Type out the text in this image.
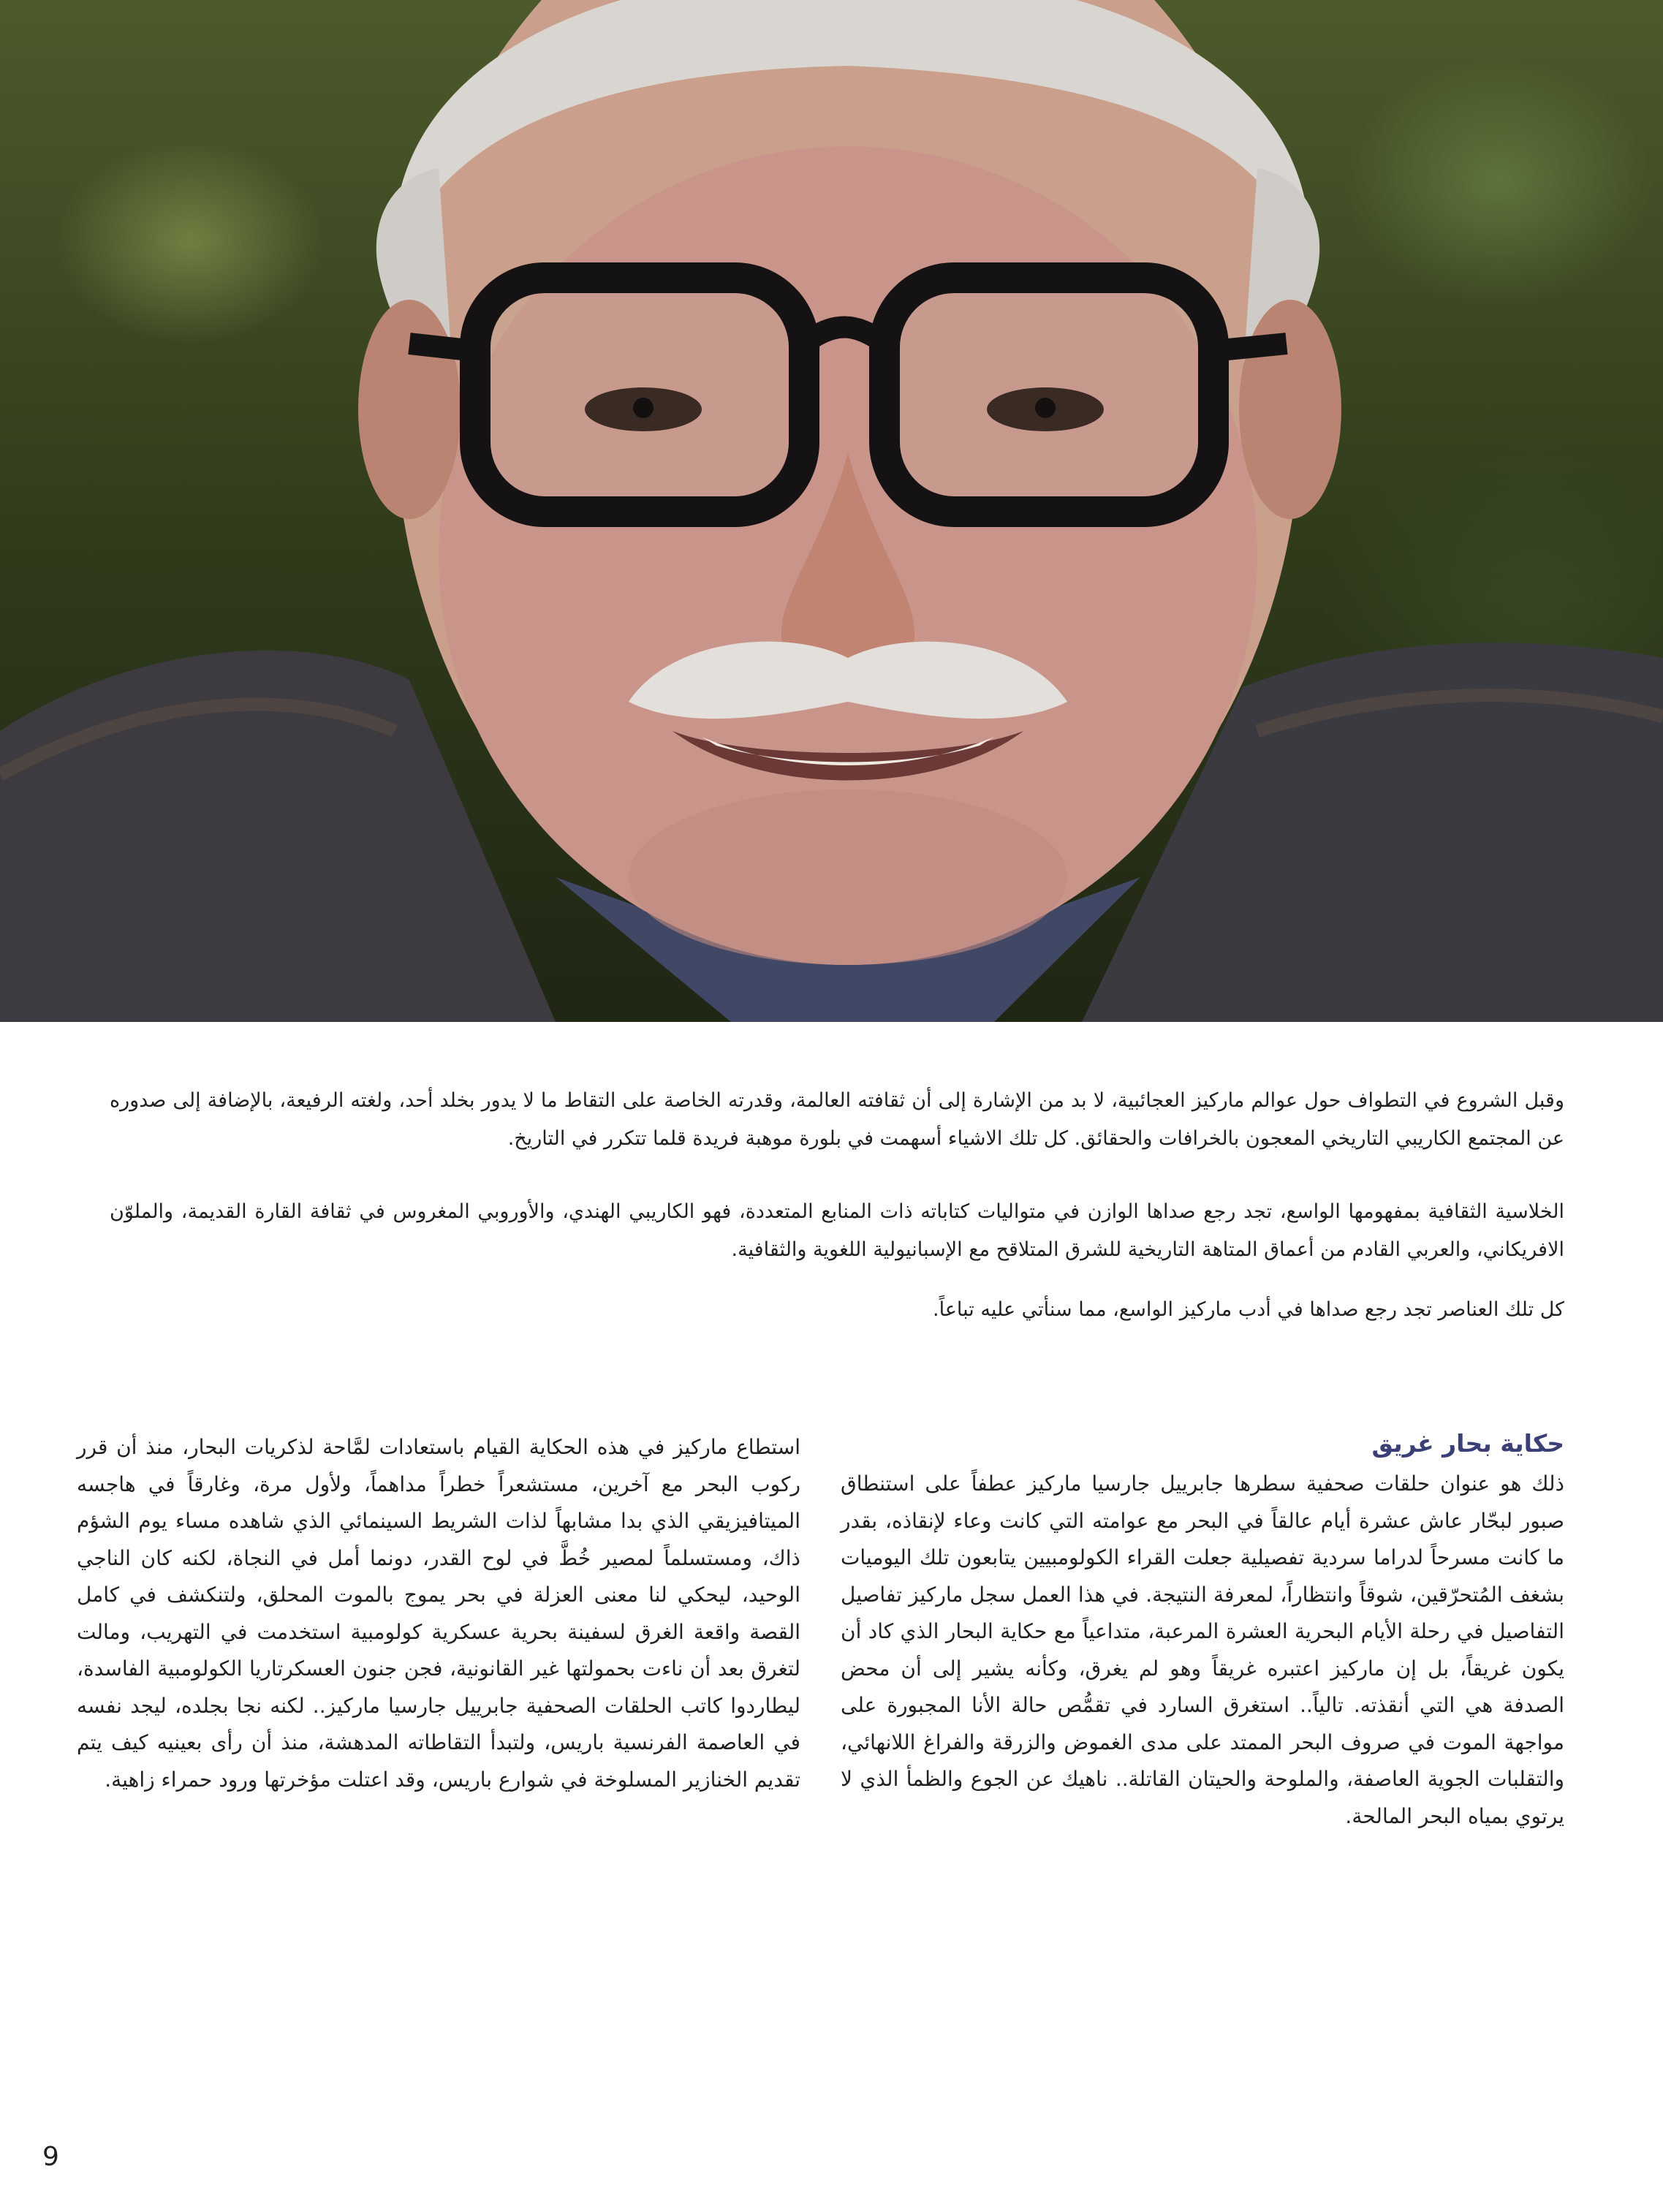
وقبل الشروع في التطواف حول عوالم ماركيز العجائبية، لا بد من الإشارة إلى أن ثقافته العالمة، وقدرته الخاصة على التقاط ما لا يدور بخلد أحد، ولغته الرفيعة، بالإضافة إلى صدوره عن المجتمع الكاريبي التاريخي المعجون بالخرافات والحقائق. كل تلك الاشياء أسهمت في بلورة موهبة فريدة قلما تتكرر في التاريخ.

الخلاسية الثقافية بمفهومها الواسع، تجد رجع صداها الوازن في متواليات كتاباته ذات المنابع المتعددة، فهو الكاريبي الهندي، والأوروبي المغروس في ثقافة القارة القديمة، والملوّن الافريكاني، والعربي القادم من أعماق المتاهة التاريخية للشرق المتلاقح مع الإسبانيولية اللغوية والثقافية.

كل تلك العناصر تجد رجع صداها في أدب ماركيز الواسع، مما سنأتي عليه تباعاً.

حكاية بحار غريق

ذلك هو عنوان حلقات صحفية سطرها جابرييل جارسيا ماركيز عطفاً على استنطاق صبور لبحّار عاش عشرة أيام عالقاً في البحر مع عوامته التي كانت وعاء لإنقاذه، بقدر ما كانت مسرحاً لدراما سردية تفصيلية جعلت القراء الكولومبيين يتابعون تلك اليوميات بشغف المُتحرّقين، شوقاً وانتظاراً، لمعرفة النتيجة. في هذا العمل سجل ماركيز تفاصيل التفاصيل في رحلة الأيام البحرية العشرة المرعبة، متداعياً مع حكاية البحار الذي كاد أن يكون غريقاً، بل إن ماركيز اعتبره غريقاً وهو لم يغرق، وكأنه يشير إلى أن محض الصدفة هي التي أنقذته. تالياً.. استغرق السارد في تقمُّص حالة الأنا المجبورة على مواجهة الموت في صروف البحر الممتد على مدى الغموض والزرقة والفراغ اللانهائي، والتقلبات الجوية العاصفة، والملوحة والحيتان القاتلة.. ناهيك عن الجوع والظمأ الذي لا يرتوي بمياه البحر المالحة.

استطاع ماركيز في هذه الحكاية القيام باستعادات لمَّاحة لذكريات البحار، منذ أن قرر ركوب البحر مع آخرين، مستشعراً خطراً مداهماً، ولأول مرة، وغارقاً في هاجسه الميتافيزيقي الذي بدا مشابهاً لذات الشريط السينمائي الذي شاهده مساء يوم الشؤم ذاك، ومستسلماً لمصير خُطَّ في لوح القدر، دونما أمل في النجاة، لكنه كان الناجي الوحيد، ليحكي لنا معنى العزلة في بحر يموج بالموت المحلق، ولتنكشف في كامل القصة واقعة الغرق لسفينة بحرية عسكرية كولومبية استخدمت في التهريب، ومالت لتغرق بعد أن ناءت بحمولتها غير القانونية، فجن جنون العسكرتاريا الكولومبية الفاسدة، ليطاردوا كاتب الحلقات الصحفية جابرييل جارسيا ماركيز.. لكنه نجا بجلده، ليجد نفسه في العاصمة الفرنسية باريس، ولتبدأ التقاطاته المدهشة، منذ أن رأى بعينيه كيف يتم تقديم الخنازير المسلوخة في شوارع باريس، وقد اعتلت مؤخرتها ورود حمراء زاهية.

9
